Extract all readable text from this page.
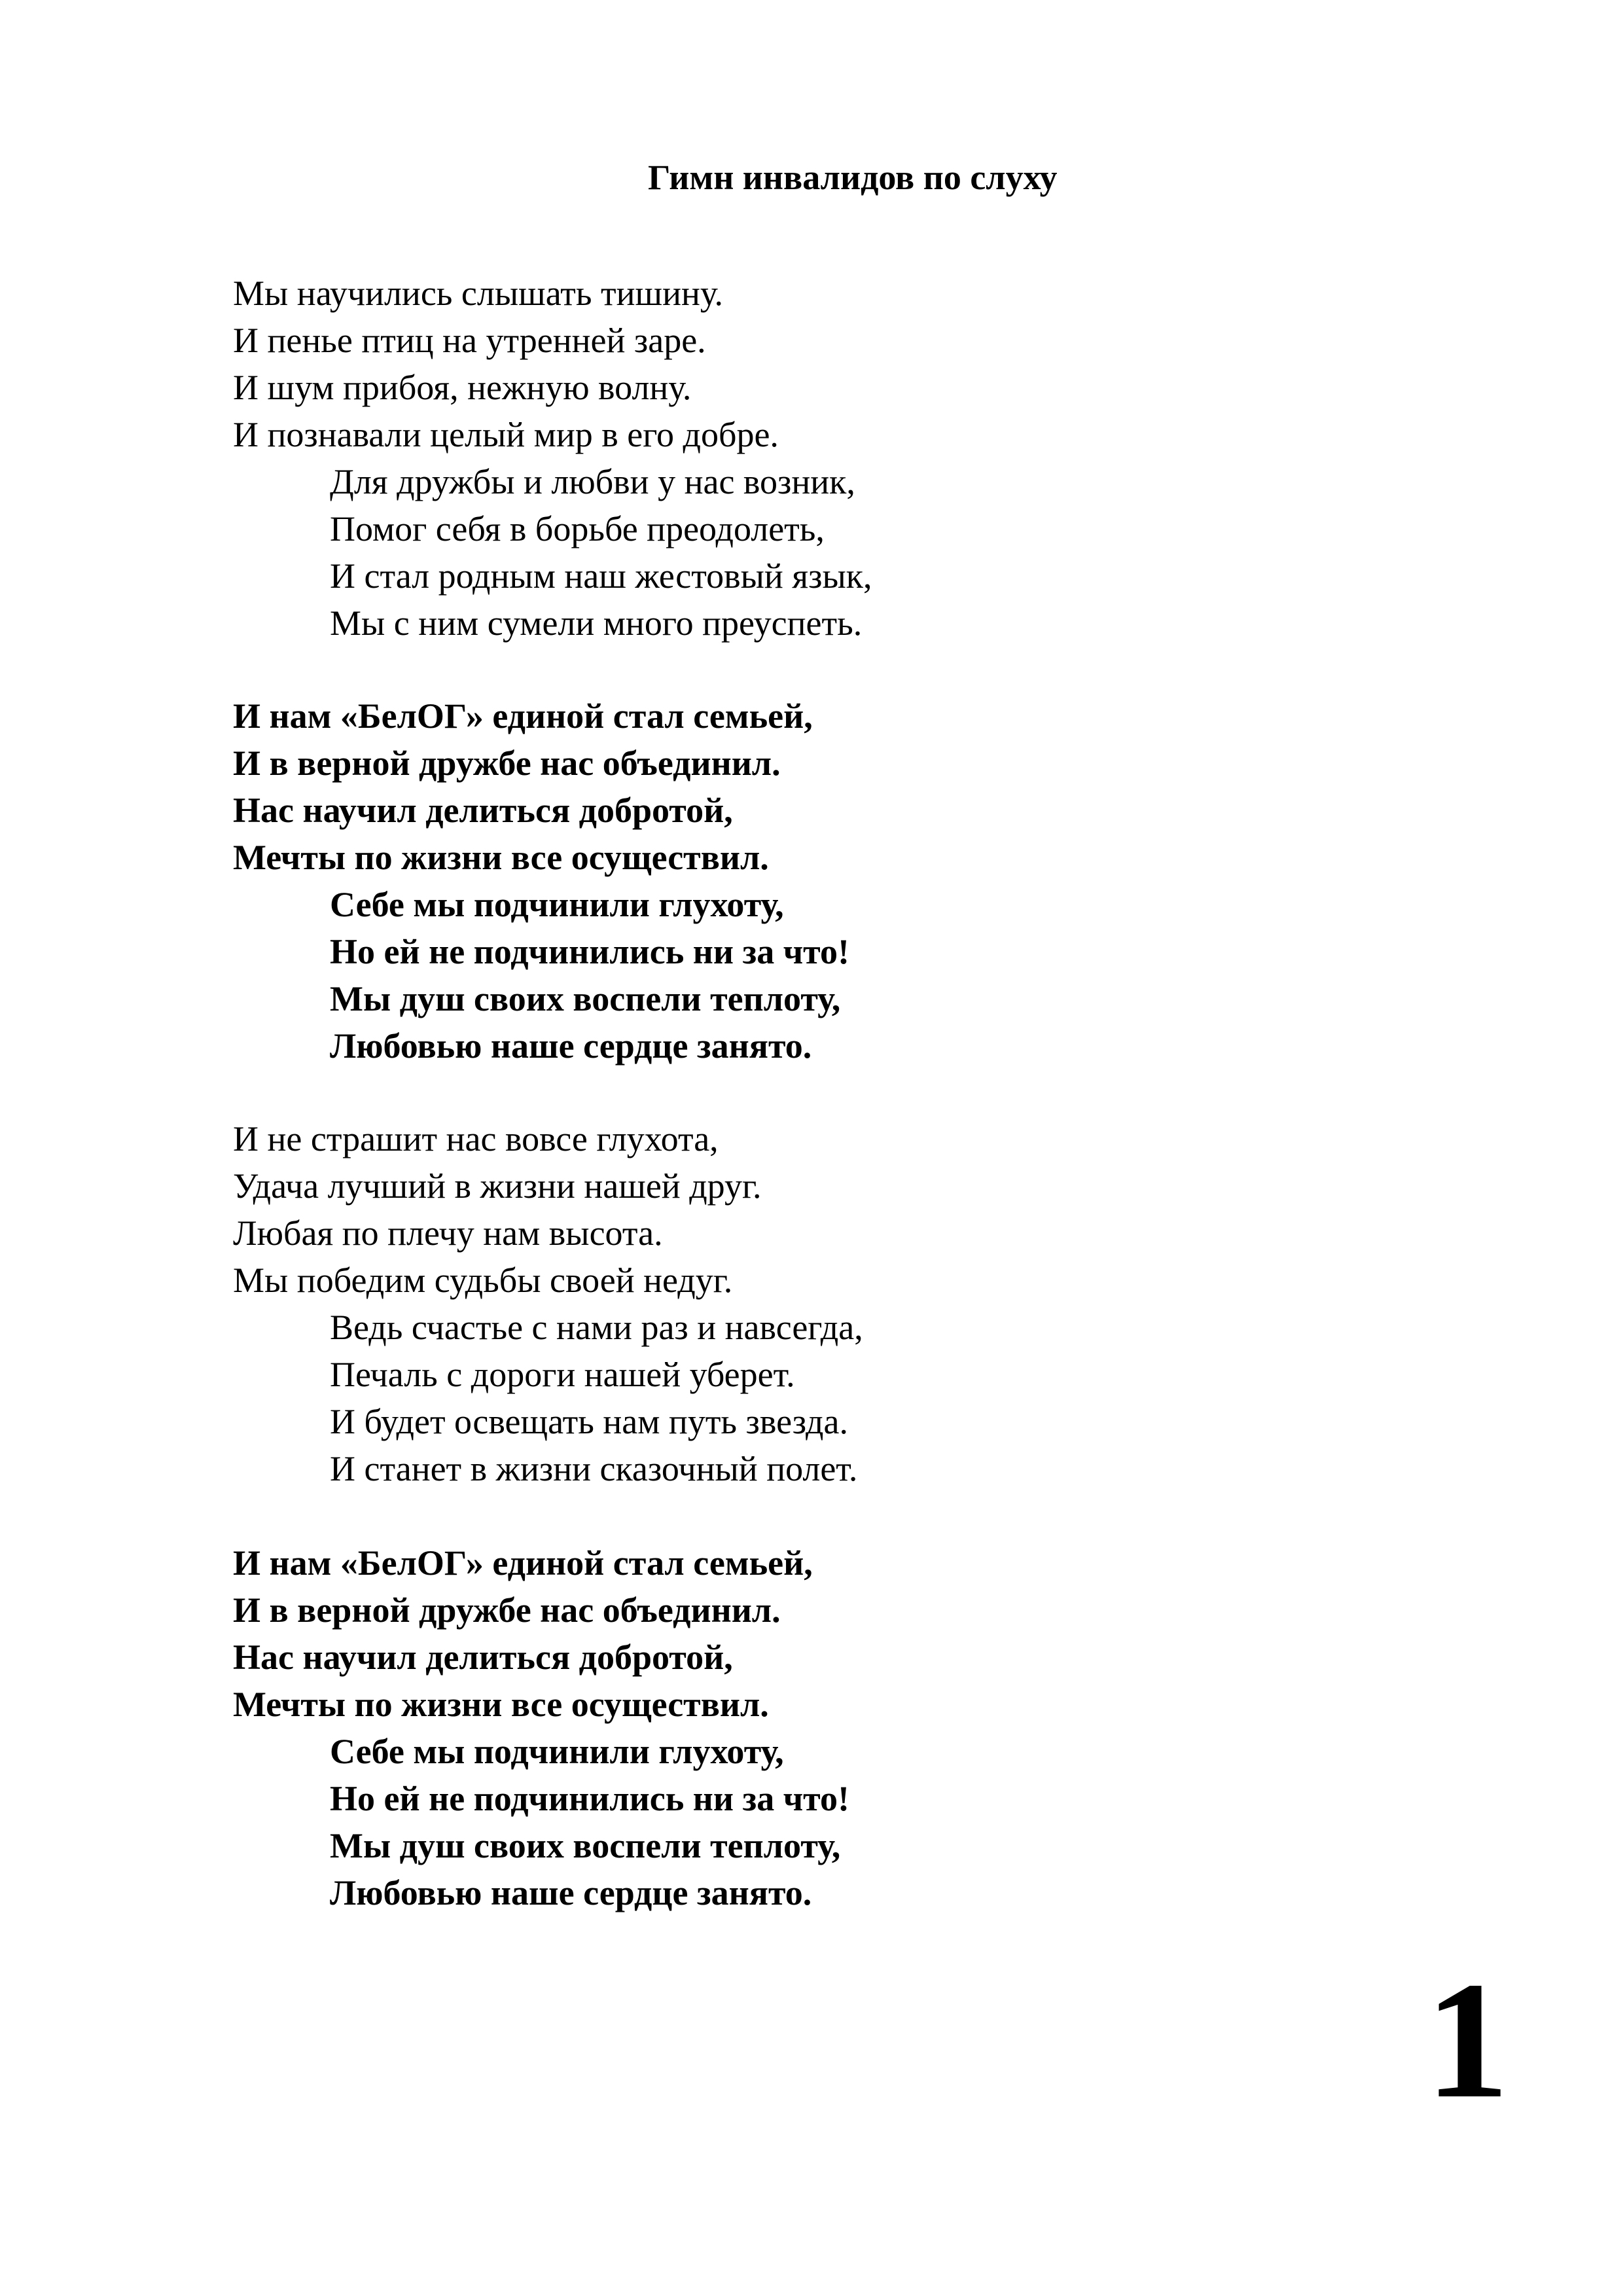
Гимн инвалидов по слуху
Мы научились слышать тишину.
И пенье птиц на утренней заре.
И шум прибоя, нежную волну.
И познавали целый мир в его добре.
Для дружбы и любви у нас возник,
Помог себя в борьбе преодолеть,
И стал родным наш жестовый язык,
Мы с ним сумели много преуспеть.
И нам «БелОГ» единой стал семьей,
И в верной дружбе нас объединил.
Нас научил делиться добротой,
Мечты по жизни все осуществил.
Себе мы подчинили глухоту,
Но ей не подчинились ни за что!
Мы душ своих воспели теплоту,
Любовью наше сердце занято.
И не страшит нас вовсе глухота,
Удача лучший в жизни нашей друг.
Любая по плечу нам высота.
Мы победим судьбы своей недуг.
Ведь счастье с нами раз и навсегда,
Печаль с дороги нашей уберет.
И будет освещать нам путь звезда.
И станет в жизни сказочный полет.
И нам «БелОГ» единой стал семьей,
И в верной дружбе нас объединил.
Нас научил делиться добротой,
Мечты по жизни все осуществил.
Себе мы подчинили глухоту,
Но ей не подчинились ни за что!
Мы душ своих воспели теплоту,
Любовью наше сердце занято.
1
